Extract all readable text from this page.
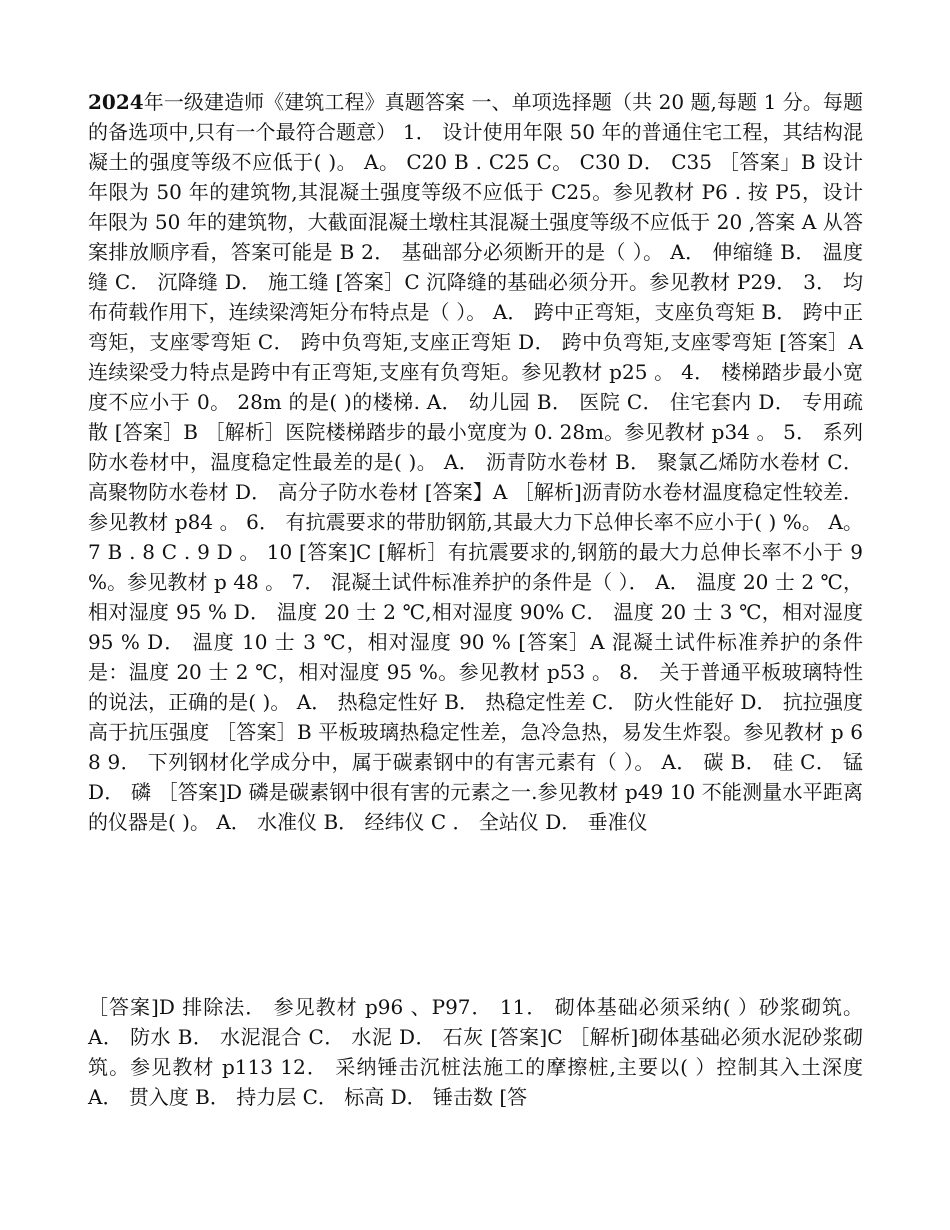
2024年一级建造师《建筑工程》真题答案 一、单项选择题（共 20 题,每题 1 分。每题的备选项中,只有一个最符合题意） 1． 设计使用年限 50 年的普通住宅工程，其结构混凝土的强度等级不应低于( )。 A。 C20 B . C25 C。 C30 D． C35 ［答案」B 设计年限为 50 年的建筑物,其混凝土强度等级不应低于 C25。参见教材 P6 . 按 P5，设计年限为 50 年的建筑物，大截面混凝土墩柱其混凝土强度等级不应低于 20 ,答案 A 从答案排放顺序看，答案可能是 B 2． 基础部分必须断开的是（ ）。 A． 伸缩缝 B． 温度缝 C． 沉降缝 D． 施工缝 [答案］C 沉降缝的基础必须分开。参见教材 P29． 3． 均布荷载作用下，连续梁湾矩分布特点是（ ）。 A． 跨中正弯矩，支座负弯矩 B． 跨中正弯矩，支座零弯矩 C． 跨中负弯矩,支座正弯矩 D． 跨中负弯矩,支座零弯矩 [答案］A 连续梁受力特点是跨中有正弯矩,支座有负弯矩。参见教材 p25 。 4． 楼梯踏步最小宽度不应小于 0。 28m 的是( )的楼梯. A． 幼儿园 B． 医院 C． 住宅套内 D． 专用疏散 [答案］B ［解析］医院楼梯踏步的最小宽度为 0. 28m。参见教材 p34 。 5． 系列防水卷材中，温度稳定性最差的是( )。 A． 沥青防水卷材 B． 聚氯乙烯防水卷材 C． 高聚物防水卷材 D． 高分子防水卷材 [答案】A ［解析]沥青防水卷材温度稳定性较差． 参见教材 p84 。 6． 有抗震要求的带肋钢筋,其最大力下总伸长率不应小于( ) %。 A。 7 B . 8 C . 9 D 。 10 [答案]C [解析］有抗震要求的,钢筋的最大力总伸长率不小于 9 %。参见教材 p 48 。 7． 混凝土试件标准养护的条件是（ ）． A． 温度 20 士 2 ℃，相对湿度 95 % D． 温度 20 士 2 ℃,相对湿度 90% C． 温度 20 士 3 ℃，相对湿度 95 % D． 温度 10 士 3 ℃，相对湿度 90 % [答案］A 混凝土试件标准养护的条件是：温度 20 士 2 ℃，相对湿度 95 %。参见教材 p53 。 8． 关于普通平板玻璃特性的说法，正确的是( )。 A． 热稳定性好 B． 热稳定性差 C． 防火性能好 D． 抗拉强度高于抗压强度 ［答案］B 平板玻璃热稳定性差，急冷急热，易发生炸裂。参见教材 p 68 9． 下列钢材化学成分中，属于碳素钢中的有害元素有（ ）。 A． 碳 B． 硅 C． 锰 D． 磷 ［答案]D 磷是碳素钢中很有害的元素之一.参见教材 p49 10 不能测量水平距离的仪器是( )。 A． 水准仪 B． 经纬仪 C ． 全站仪 D． 垂准仪

［答案]D 排除法． 参见教材 p96 、P97． 11． 砌体基础必须采纳( ）砂浆砌筑。 A． 防水 B． 水泥混合 C． 水泥 D． 石灰 [答案]C ［解析]砌体基础必须水泥砂浆砌筑。参见教材 p113 12． 采纳锤击沉桩法施工的摩擦桩,主要以( ）控制其入土深度 A． 贯入度 B． 持力层 C． 标高 D． 锤击数 [答
